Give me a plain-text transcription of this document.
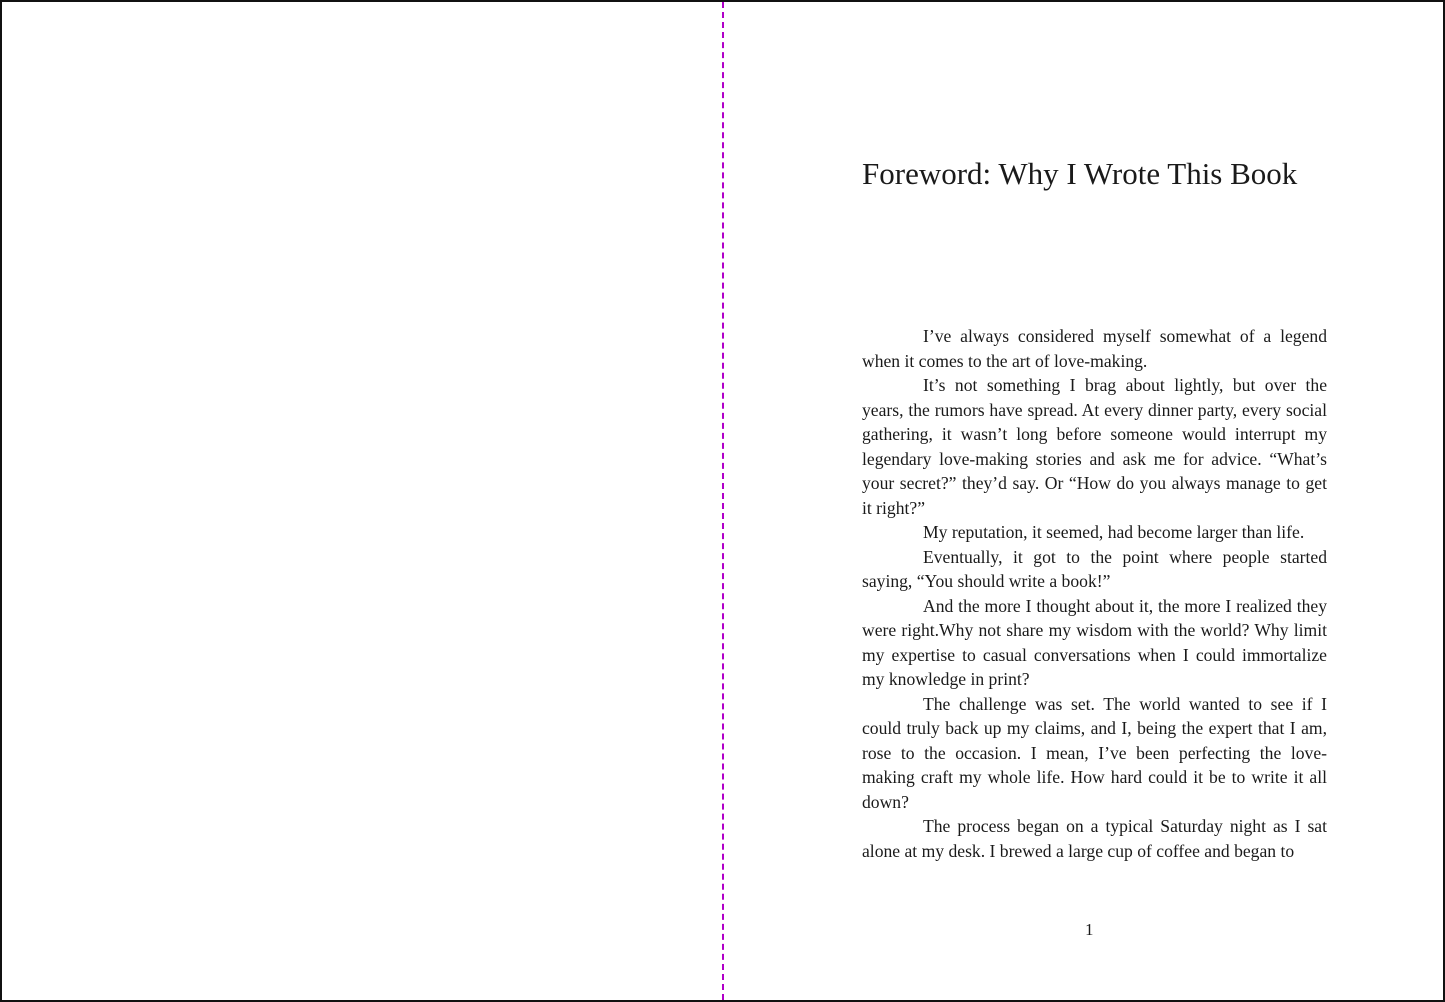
Foreword: Why I Wrote This Book

I’ve always considered myself somewhat of a legend when it comes to the art of love-making.

It’s not something I brag about lightly, but over the years, the rumors have spread. At every dinner party, every social gathering, it wasn’t long before someone would interrupt my legendary love-making stories and ask me for advice. “What’s your secret?” they’d say. Or “How do you always manage to get it right?”

My reputation, it seemed, had become larger than life.

Eventually, it got to the point where people started saying, “You should write a book!”

And the more I thought about it, the more I realized they were right.Why not share my wisdom with the world? Why limit my expertise to casual conversations when I could immortalize my knowledge in print?

The challenge was set. The world wanted to see if I could truly back up my claims, and I, being the expert that I am, rose to the occasion. I mean, I’ve been perfecting the love-making craft my whole life. How hard could it be to write it all down?

The process began on a typical Saturday night as I sat alone at my desk. I brewed a large cup of coffee and began to

1
